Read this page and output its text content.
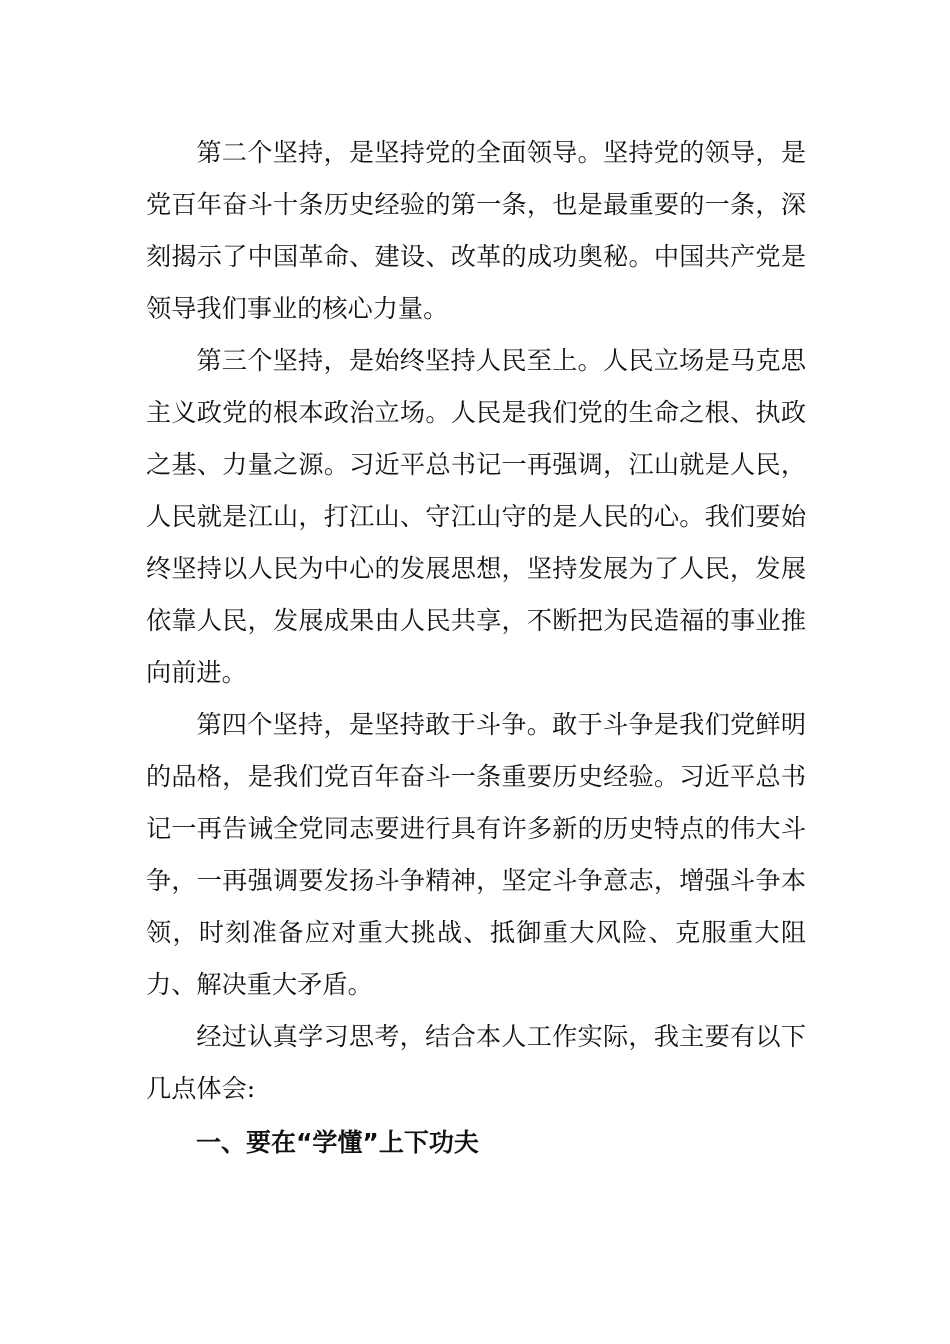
第二个坚持，是坚持党的全面领导。坚持党的领导，是党百年奋斗十条历史经验的第一条，也是最重要的一条，深刻揭示了中国革命、建设、改革的成功奥秘。中国共产党是领导我们事业的核心力量。

第三个坚持，是始终坚持人民至上。人民立场是马克思主义政党的根本政治立场。人民是我们党的生命之根、执政之基、力量之源。习近平总书记一再强调，江山就是人民，人民就是江山，打江山、守江山守的是人民的心。我们要始终坚持以人民为中心的发展思想，坚持发展为了人民，发展依靠人民，发展成果由人民共享，不断把为民造福的事业推向前进。

第四个坚持，是坚持敢于斗争。敢于斗争是我们党鲜明的品格，是我们党百年奋斗一条重要历史经验。习近平总书记一再告诫全党同志要进行具有许多新的历史特点的伟大斗争，一再强调要发扬斗争精神，坚定斗争意志，增强斗争本领，时刻准备应对重大挑战、抵御重大风险、克服重大阻力、解决重大矛盾。

经过认真学习思考，结合本人工作实际，我主要有以下几点体会:

一、要在“学懂”上下功夫
